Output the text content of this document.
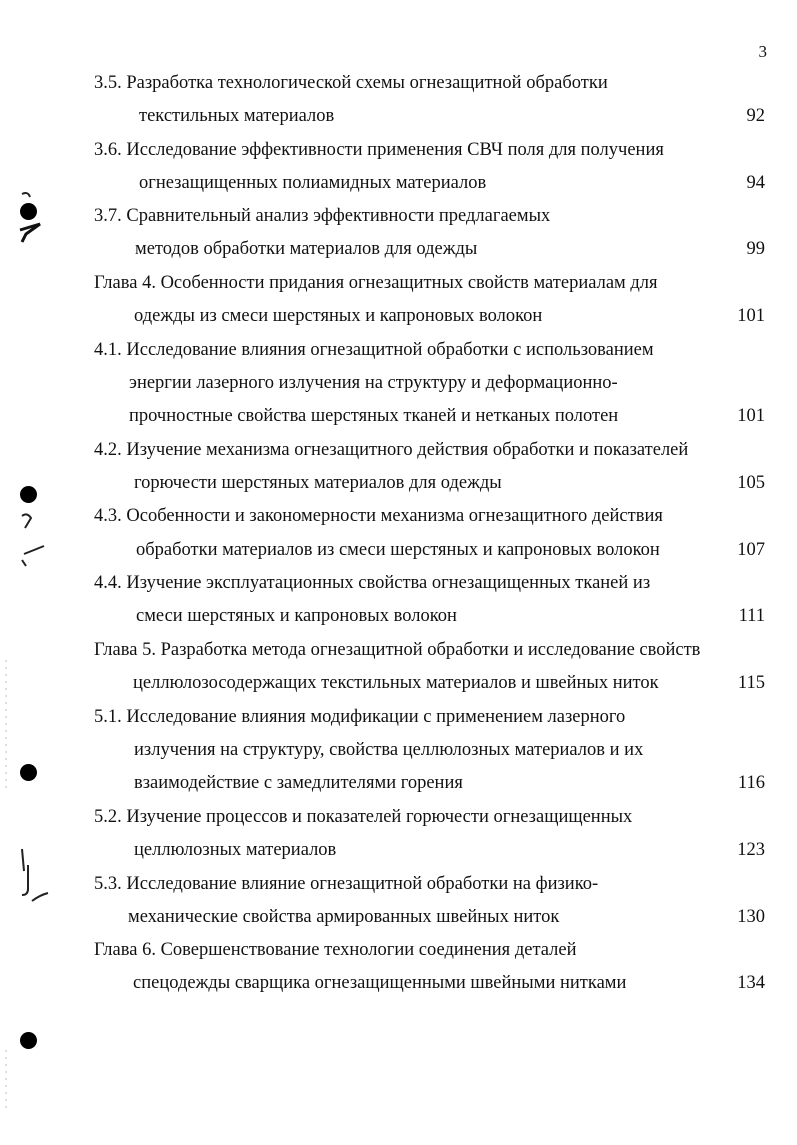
3
3.5. Разработка технологической схемы огнезащитной обработки
текстильных материалов	92
3.6. Исследование эффективности применения СВЧ поля для получения
огнезащищенных полиамидных материалов	94
3.7. Сравнительный анализ эффективности предлагаемых
методов обработки материалов для одежды	99
Глава 4. Особенности придания огнезащитных свойств материалам для
одежды из смеси шерстяных и капроновых волокон	101
4.1. Исследование влияния огнезащитной обработки с использованием
энергии лазерного излучения на структуру и деформационно-
прочностные свойства шерстяных тканей и нетканых полотен	101
4.2. Изучение механизма огнезащитного действия обработки и показателей
горючести шерстяных материалов для одежды	105
4.3. Особенности и закономерности механизма огнезащитного действия
обработки материалов из смеси шерстяных и капроновых волокон	107
4.4. Изучение эксплуатационных свойства огнезащищенных тканей из
смеси шерстяных и капроновых волокон	111
Глава 5. Разработка метода огнезащитной обработки и исследование свойств
целлюлозосодержащих текстильных материалов и швейных ниток	115
5.1. Исследование влияния модификации с применением лазерного
излучения на структуру, свойства целлюлозных материалов и их
взаимодействие с замедлителями горения	116
5.2. Изучение процессов и показателей горючести огнезащищенных
целлюлозных материалов	123
5.3. Исследование влияние огнезащитной обработки на физико-
механические свойства армированных швейных ниток	130
Глава 6. Совершенствование технологии соединения деталей
спецодежды сварщика огнезащищенными швейными нитками	134
